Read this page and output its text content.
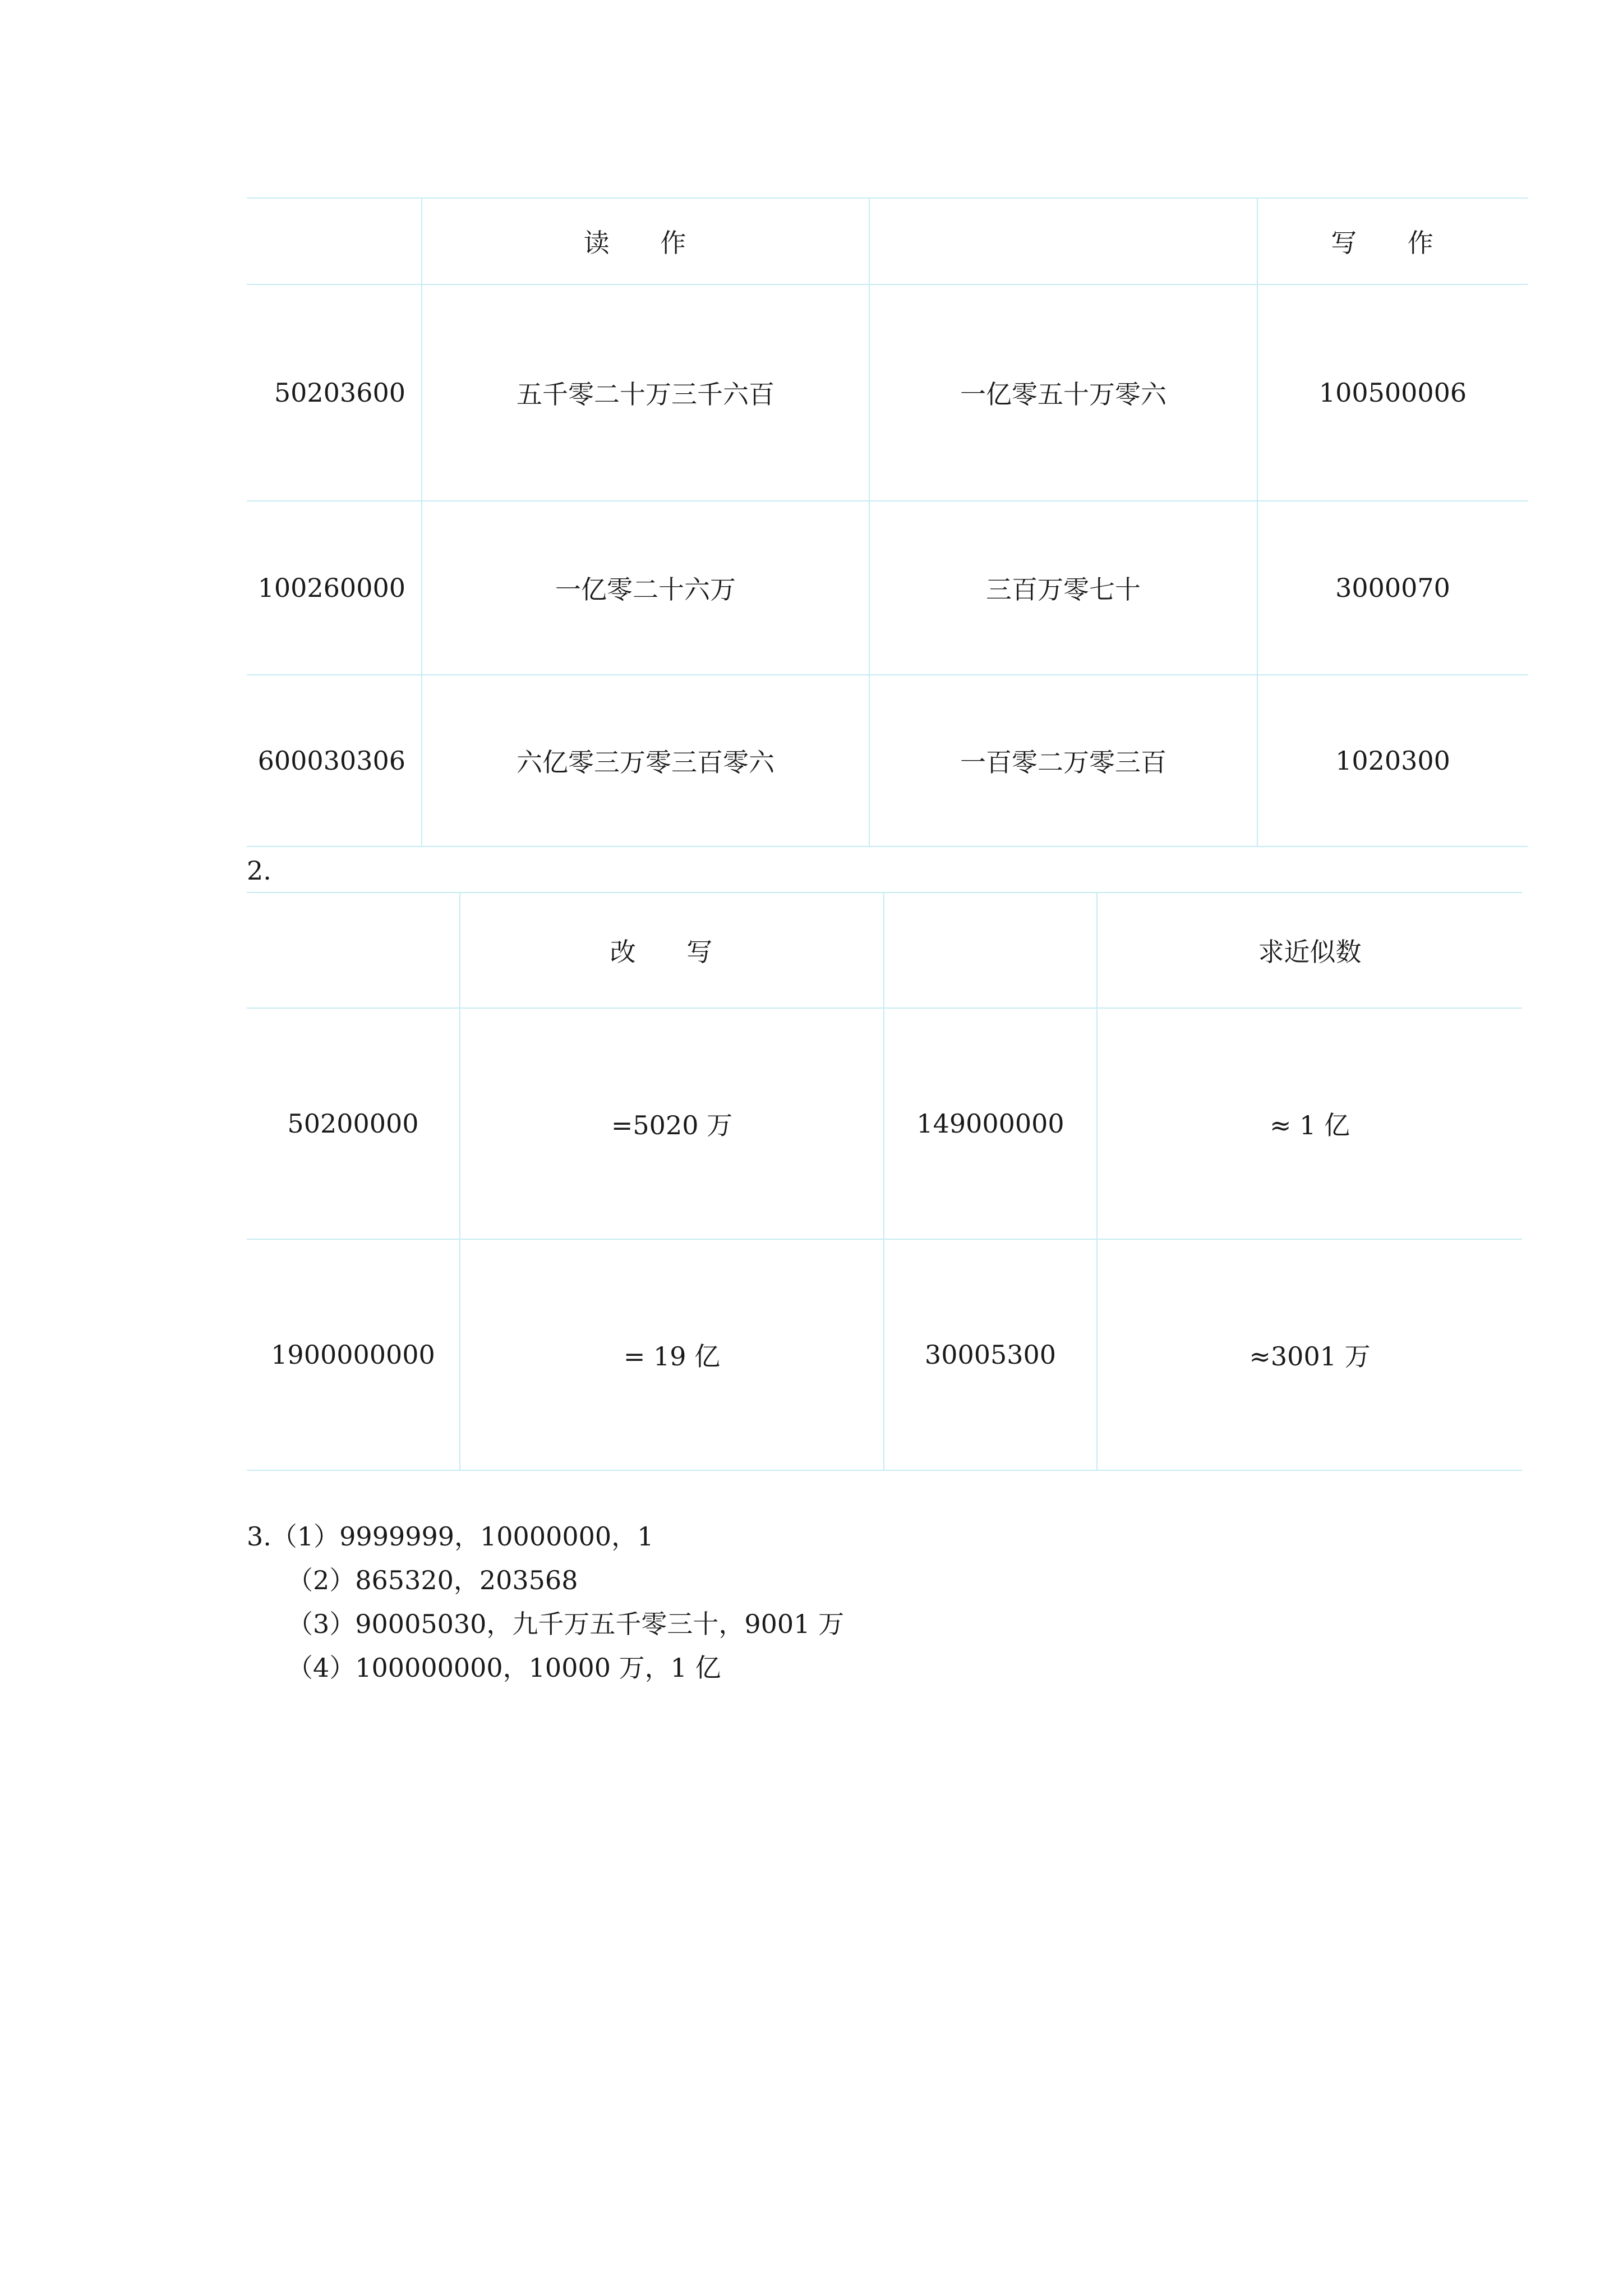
	读 作		写 作
50203600	五千零二十万三千六百	一亿零五十万零六	100500006
100260000	一亿零二十六万	三百万零七十	3000070
600030306	六亿零三万零三百零六	一百零二万零三百	1020300
2.
	改 写		求近似数
50200000	=5020 万	149000000	≈ 1 亿
1900000000	= 19 亿	30005300	≈3001 万
3.（1）9999999，10000000，1
（2）865320，203568
（3）90005030，九千万五千零三十，9001 万
（4）100000000，10000 万，1 亿
